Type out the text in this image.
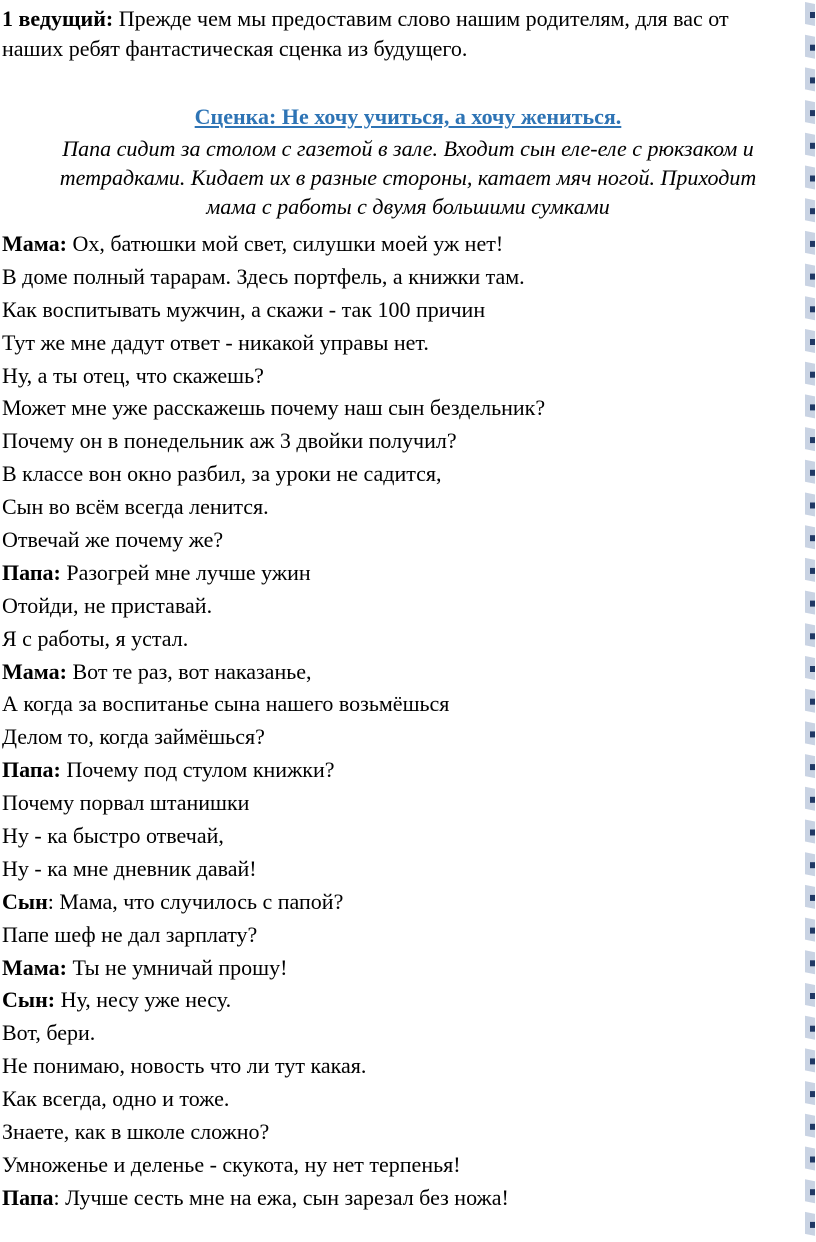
1 ведущий: Прежде чем мы предоставим слово нашим родителям, для вас от
наших ребят фантастическая сценка из будущего.
Сценка: Не хочу учиться, а хочу жениться.
Папа сидит за столом с газетой в зале. Входит сын еле-еле с рюкзаком и
тетрадками. Кидает их в разные стороны, катает мяч ногой. Приходит
мама с работы с двумя большими сумками
Мама: Ох, батюшки мой свет, силушки моей уж нет!
В доме полный тарарам. Здесь портфель, а книжки там.
Как воспитывать мужчин, а скажи - так 100 причин
Тут же мне дадут ответ - никакой управы нет.
Ну, а ты отец, что скажешь?
Может мне уже расскажешь почему наш сын бездельник?
Почему он в понедельник аж 3 двойки получил?
В классе вон окно разбил, за уроки не садится,
Сын во всём всегда ленится.
Отвечай же почему же?
Папа: Разогрей мне лучше ужин
Отойди, не приставай.
Я с работы, я устал.
Мама: Вот те раз, вот наказанье,
А когда за воспитанье сына нашего возьмёшься
Делом то, когда займёшься?
Папа: Почему под стулом книжки?
Почему порвал штанишки
Ну - ка быстро отвечай,
Ну - ка мне дневник давай!
Сын: Мама, что случилось с папой?
Папе шеф не дал зарплату?
Мама: Ты не умничай прошу!
Сын: Ну, несу уже несу.
Вот, бери.
Не понимаю, новость что ли тут какая.
Как всегда, одно и тоже.
Знаете, как в школе сложно?
Умноженье и деленье - скукота, ну нет терпенья!
Папа: Лучше сесть мне на ежа, сын зарезал без ножа!
